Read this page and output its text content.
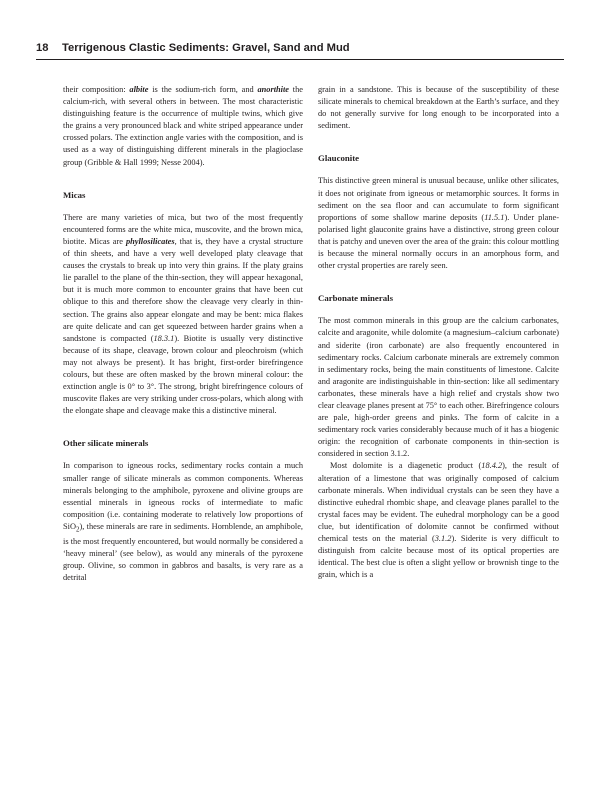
18 Terrigenous Clastic Sediments: Gravel, Sand and Mud

their composition: albite is the sodium-rich form, and anorthite the calcium-rich, with several others in between. The most characteristic distinguishing feature is the occurrence of multiple twins, which give the grains a very pronounced black and white striped appearance under crossed polars. The extinction angle varies with the composition, and is used as a way of distinguishing different minerals in the plagioclase group (Gribble & Hall 1999; Nesse 2004).

Micas

There are many varieties of mica, but two of the most frequently encountered forms are the white mica, muscovite, and the brown mica, biotite. Micas are phyllosilicates, that is, they have a crystal structure of thin sheets, and have a very well developed platy cleavage that causes the crystals to break up into very thin grains. If the platy grains lie parallel to the plane of the thin-section, they will appear hexagonal, but it is much more common to encounter grains that have been cut oblique to this and therefore show the cleavage very clearly in thin-section. The grains also appear elongate and may be bent: mica flakes are quite delicate and can get squeezed between harder grains when a sandstone is compacted (18.3.1). Biotite is usually very distinctive because of its shape, cleavage, brown colour and pleochroism (which may not always be present). It has bright, first-order birefringence colours, but these are often masked by the brown mineral colour: the extinction angle is 0° to 3°. The strong, bright birefringence colours of muscovite flakes are very striking under cross-polars, which along with the elongate shape and cleavage make this a distinctive mineral.

Other silicate minerals

In comparison to igneous rocks, sedimentary rocks contain a much smaller range of silicate minerals as common components. Whereas minerals belonging to the amphibole, pyroxene and olivine groups are essential minerals in igneous rocks of intermediate to mafic composition (i.e. containing moderate to relatively low proportions of SiO$_2$), these minerals are rare in sediments. Hornblende, an amphibole, is the most frequently encountered, but would normally be considered a ‘heavy mineral’ (see below), as would any minerals of the pyroxene group. Olivine, so common in gabbros and basalts, is very rare as a detrital

grain in a sandstone. This is because of the susceptibility of these silicate minerals to chemical breakdown at the Earth’s surface, and they do not generally survive for long enough to be incorporated into a sediment.

Glauconite

This distinctive green mineral is unusual because, unlike other silicates, it does not originate from igneous or metamorphic sources. It forms in sediment on the sea floor and can accumulate to form significant proportions of some shallow marine deposits (11.5.1). Under plane-polarised light glauconite grains have a distinctive, strong green colour that is patchy and uneven over the area of the grain: this colour mottling is because the mineral normally occurs in an amorphous form, and other crystal properties are rarely seen.

Carbonate minerals

The most common minerals in this group are the calcium carbonates, calcite and aragonite, while dolomite (a magnesium–calcium carbonate) and siderite (iron carbonate) are also frequently encountered in sedimentary rocks. Calcium carbonate minerals are extremely common in sedimentary rocks, being the main constituents of limestone. Calcite and aragonite are indistinguishable in thin-section: like all sedimentary carbonates, these minerals have a high relief and crystals show two clear cleavage planes present at 75° to each other. Birefringence colours are pale, high-order greens and pinks. The form of calcite in a sedimentary rock varies considerably because much of it has a biogenic origin: the recognition of carbonate components in thin-section is considered in section 3.1.2.

Most dolomite is a diagenetic product (18.4.2), the result of alteration of a limestone that was originally composed of calcium carbonate minerals. When individual crystals can be seen they have a distinctive euhedral rhombic shape, and cleavage planes parallel to the crystal faces may be evident. The euhedral morphology can be a good clue, but identification of dolomite cannot be confirmed without chemical tests on the material (3.1.2). Siderite is very difficult to distinguish from calcite because most of its optical properties are identical. The best clue is often a slight yellow or brownish tinge to the grain, which is a
